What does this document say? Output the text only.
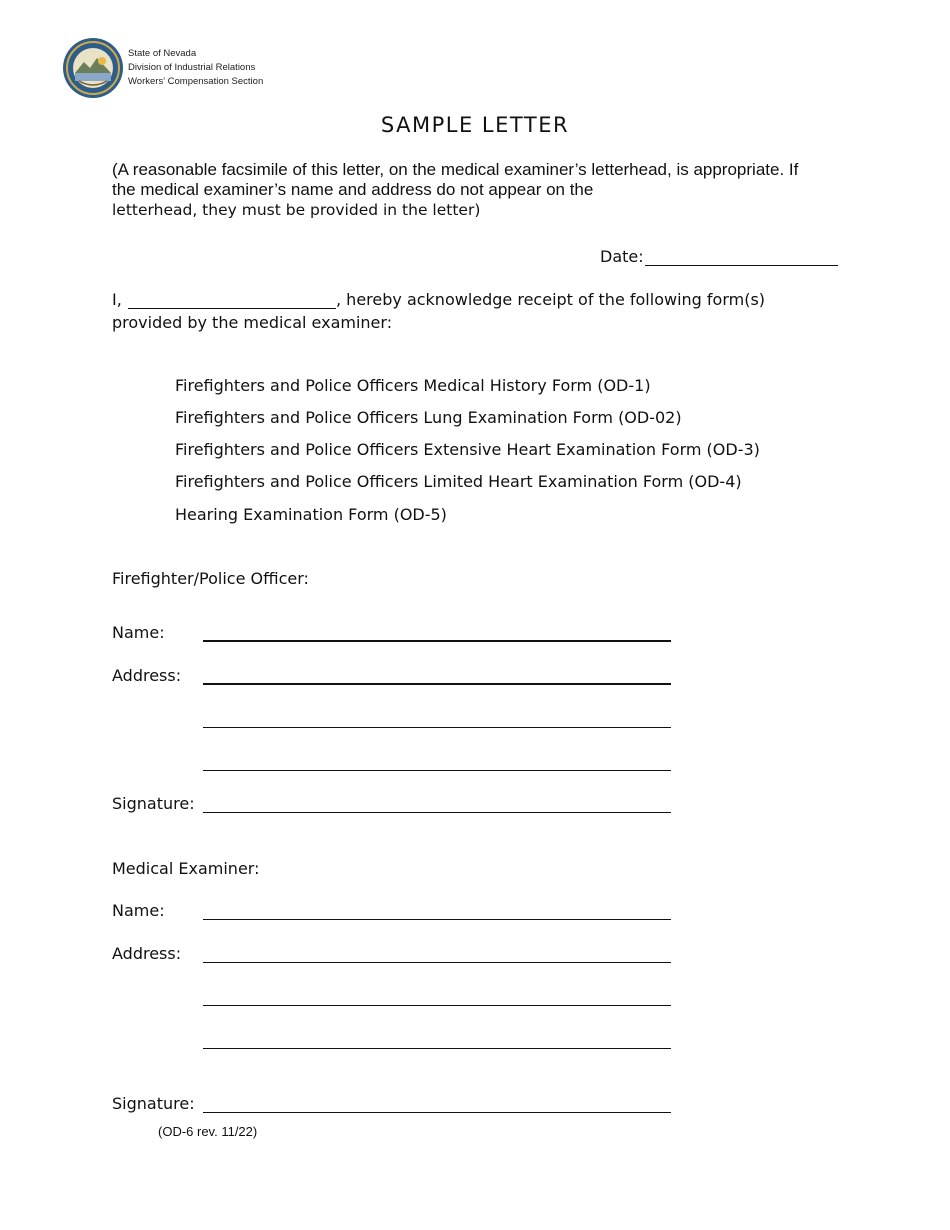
State of Nevada
Division of Industrial Relations
Workers' Compensation Section
SAMPLE LETTER
(A reasonable facsimile of this letter, on the medical examiner’s letterhead, is appropriate. If the medical examiner’s name and address do not appear on the
letterhead, they must be provided in the letter)
Date:
I,	, hereby acknowledge receipt of the following form(s)
provided by the medical examiner:
Firefighters and Police Officers Medical History Form (OD-1)
Firefighters and Police Officers Lung Examination Form (OD-02)
Firefighters and Police Officers Extensive Heart Examination Form (OD-3)
Firefighters and Police Officers Limited Heart Examination Form (OD-4)
Hearing Examination Form (OD-5)
Firefighter/Police Officer:
Name:
Address:
Signature:
Medical Examiner:
Name:
Address:
Signature:
(OD-6 rev. 11/22)
